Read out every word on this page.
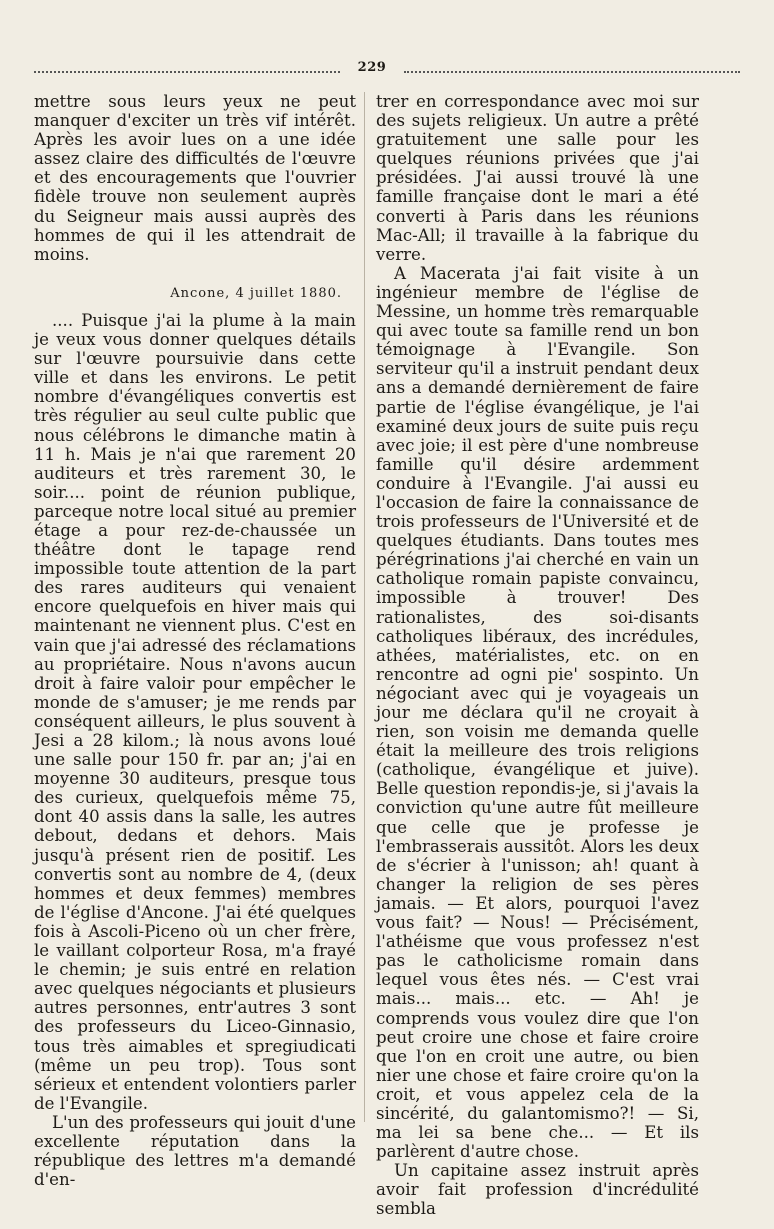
229

mettre sous leurs yeux ne peut manquer d'exciter un très vif intérêt. Après les avoir lues on a une idée assez claire des difficultés de l'œuvre et des encouragements que l'ouvrier fidèle trouve non seulement auprès du Seigneur mais aussi auprès des hommes de qui il les attendrait de moins.

Ancone, 4 juillet 1880.

.... Puisque j'ai la plume à la main je veux vous donner quelques détails sur l'œuvre poursuivie dans cette ville et dans les environs. Le petit nombre d'évangéliques convertis est très régulier au seul culte public que nous célébrons le dimanche matin à 11 h. Mais je n'ai que rarement 20 auditeurs et très rarement 30, le soir.... point de réunion publique, parceque notre local situé au premier étage a pour rez-de-chaussée un théâtre dont le tapage rend impossible toute attention de la part des rares auditeurs qui venaient encore quelquefois en hiver mais qui maintenant ne viennent plus. C'est en vain que j'ai adressé des réclamations au propriétaire. Nous n'avons aucun droit à faire valoir pour empêcher le monde de s'amuser; je me rends par conséquent ailleurs, le plus souvent à Jesi a 28 kilom.; là nous avons loué une salle pour 150 fr. par an; j'ai en moyenne 30 auditeurs, presque tous des curieux, quelquefois même 75, dont 40 assis dans la salle, les autres debout, dedans et dehors. Mais jusqu'à présent rien de positif. Les convertis sont au nombre de 4, (deux hommes et deux femmes) membres de l'église d'Ancone. J'ai été quelques fois à Ascoli-Piceno où un cher frère, le vaillant colporteur Rosa, m'a frayé le chemin; je suis entré en relation avec quelques négociants et plusieurs autres personnes, entr'autres 3 sont des professeurs du Liceo-Ginnasio, tous très aimables et spregiudicati (même un peu trop). Tous sont sérieux et entendent volontiers parler de l'Evangile.

L'un des professeurs qui jouit d'une excellente réputation dans la république des lettres m'a demandé d'en-

trer en correspondance avec moi sur des sujets religieux. Un autre a prêté gratuitement une salle pour les quelques réunions privées que j'ai présidées. J'ai aussi trouvé là une famille française dont le mari a été converti à Paris dans les réunions Mac-All; il travaille à la fabrique du verre.

A Macerata j'ai fait visite à un ingénieur membre de l'église de Messine, un homme très remarquable qui avec toute sa famille rend un bon témoignage à l'Evangile. Son serviteur qu'il a instruit pendant deux ans a demandé dernièrement de faire partie de l'église évangélique, je l'ai examiné deux jours de suite puis reçu avec joie; il est père d'une nombreuse famille qu'il désire ardemment conduire à l'Evangile. J'ai aussi eu l'occasion de faire la connaissance de trois professeurs de l'Université et de quelques étudiants. Dans toutes mes pérégrinations j'ai cherché en vain un catholique romain papiste convaincu, impossible à trouver! Des rationalistes, des soi-disants catholiques libéraux, des incrédules, athées, matérialistes, etc. on en rencontre ad ogni pie' sospinto. Un négociant avec qui je voyageais un jour me déclara qu'il ne croyait à rien, son voisin me demanda quelle était la meilleure des trois religions (catholique, évangélique et juive). Belle question repondis-je, si j'avais la conviction qu'une autre fût meilleure que celle que je professe je l'embrasserais aussitôt. Alors les deux de s'écrier à l'unisson; ah! quant à changer la religion de ses pères jamais. — Et alors, pourquoi l'avez vous fait? — Nous! — Précisément, l'athéisme que vous professez n'est pas le catholicisme romain dans lequel vous êtes nés. — C'est vrai mais... mais... etc. — Ah! je comprends vous voulez dire que l'on peut croire une chose et faire croire que l'on en croit une autre, ou bien nier une chose et faire croire qu'on la croit, et vous appelez cela de la sincérité, du galantomismo?! — Si, ma lei sa bene che... — Et ils parlèrent d'autre chose.

Un capitaine assez instruit après avoir fait profession d'incrédulité sembla
